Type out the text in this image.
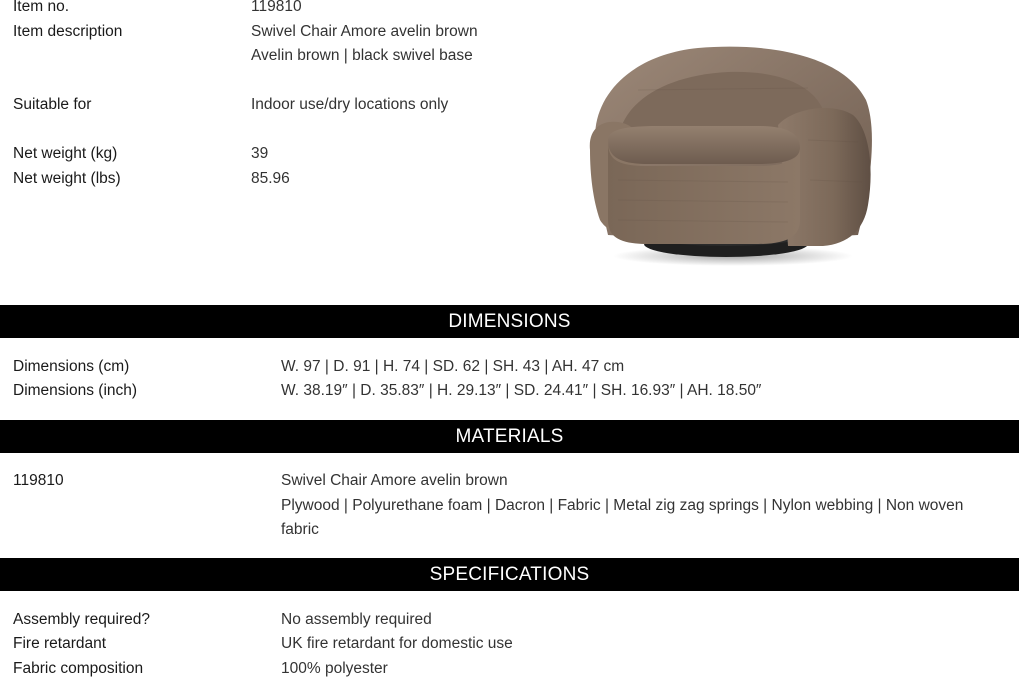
Item no.	119810
Item description	Swivel Chair Amore avelin brown
Avelin brown | black swivel base
Suitable for	Indoor use/dry locations only
Net weight (kg)	39
Net weight (lbs)	85.96
DIMENSIONS
Dimensions (cm)	W. 97 | D. 91 | H. 74 | SD. 62 | SH. 43 | AH. 47 cm
Dimensions (inch)	W. 38.19″ | D. 35.83″ | H. 29.13″ | SD. 24.41″ | SH. 16.93″ | AH. 18.50″
MATERIALS
119810	Swivel Chair Amore avelin brown
Plywood | Polyurethane foam | Dacron | Fabric | Metal zig zag springs | Nylon webbing | Non woven
fabric
SPECIFICATIONS
Assembly required?	No assembly required
Fire retardant	UK fire retardant for domestic use
Fabric composition	100% polyester
